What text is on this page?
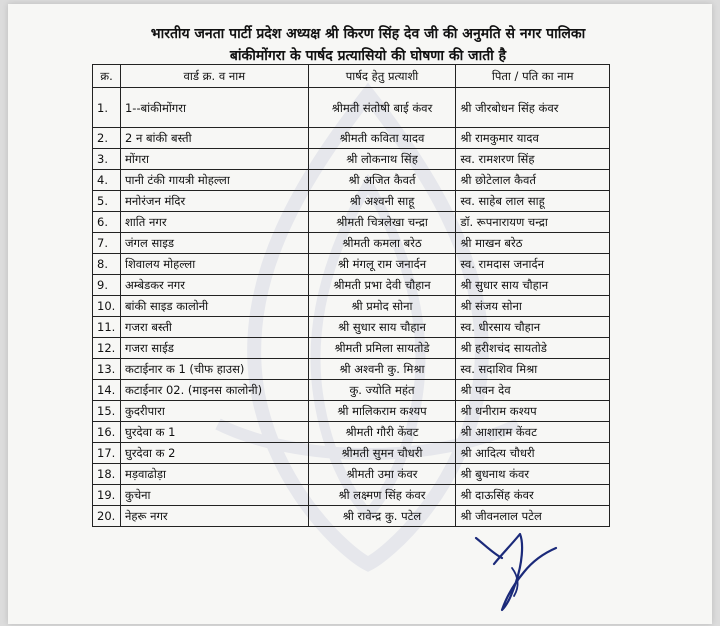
भारतीय जनता पार्टी प्रदेश अध्यक्ष श्री किरण सिंह देव जी की अनुमति से नगर पालिका
बांकीमोंगरा के पार्षद प्रत्यासियो की घोषणा की जाती है
क्र.	वार्ड क्र. व नाम	पार्षद हेतु प्रत्याशी	पिता / पति का नाम
1.	1--बांकीमोंगरा	श्रीमती संतोषी बाई कंवर	श्री जीरबोधन सिंह कंवर
2.	2 न बांकी बस्ती	श्रीमती कविता यादव	श्री रामकुमार यादव
3.	मोंगरा	श्री लोकनाथ सिंह	स्व. रामशरण सिंह
4.	पानी टंकी गायत्री मोहल्ला	श्री अजित कैवर्त	श्री छोटेलाल कैवर्त
5.	मनोरंजन मंदिर	श्री अश्वनी साहू	स्व. साहेब लाल साहू
6.	शाति नगर	श्रीमती चित्रलेखा चन्द्रा	डॉ. रूपनारायण चन्द्रा
7.	जंगल साइड	श्रीमती कमला बरेठ	श्री माखन बरेठ
8.	शिवालय मोहल्ला	श्री मंगलू राम जनार्दन	स्व. रामदास जनार्दन
9.	अम्बेडकर नगर	श्रीमती प्रभा देवी चौहान	श्री सुधार साय चौहान
10.	बांकी साइड कालोनी	श्री प्रमोद सोना	श्री संजय सोना
11.	गजरा बस्ती	श्री सुधार साय चौहान	स्व. धीरसाय चौहान
12.	गजरा साईड	श्रीमती प्रमिला सायतोडे	श्री हरीशचंद सायतोडे
13.	कटाईनार क 1 (चीफ हाउस)	श्री अश्वनी कु. मिश्रा	स्व. सदाशिव मिश्रा
14.	कटाईनार 02. (माइनस कालोनी)	कु. ज्योति महंत	श्री पवन देव
15.	कुदरीपारा	श्री मालिकराम कश्यप	श्री धनीराम कश्यप
16.	घुरदेवा क 1	श्रीमती गौरी केंवट	श्री आशाराम केंवट
17.	घुरदेवा क 2	श्रीमती सुमन चौधरी	श्री आदित्य चौधरी
18.	मड़वाढोड़ा	श्रीमती उमा कंवर	श्री बुधनाथ कंवर
19.	कुचेना	श्री लक्ष्मण सिंह कंवर	श्री दाऊसिंह कंवर
20.	नेहरू नगर	श्री रावेन्द्र कु. पटेल	श्री जीवनलाल पटेल
